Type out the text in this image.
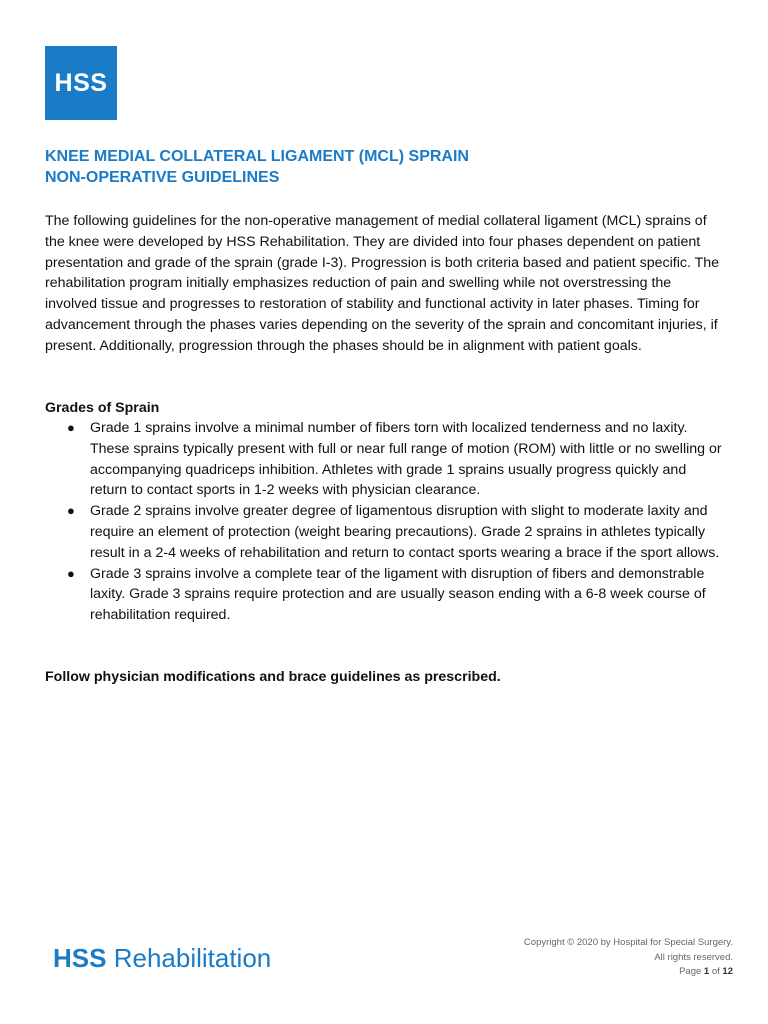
HSS
KNEE MEDIAL COLLATERAL LIGAMENT (MCL) SPRAIN
NON-OPERATIVE GUIDELINES

The following guidelines for the non-operative management of medial collateral ligament (MCL) sprains of the knee were developed by HSS Rehabilitation. They are divided into four phases dependent on patient presentation and grade of the sprain (grade I-3). Progression is both criteria based and patient specific. The rehabilitation program initially emphasizes reduction of pain and swelling while not overstressing the involved tissue and progresses to restoration of stability and functional activity in later phases. Timing for advancement through the phases varies depending on the severity of the sprain and concomitant injuries, if present. Additionally, progression through the phases should be in alignment with patient goals.

Grades of Sprain

● Grade 1 sprains involve a minimal number of fibers torn with localized tenderness and no laxity. These sprains typically present with full or near full range of motion (ROM) with little or no swelling or accompanying quadriceps inhibition. Athletes with grade 1 sprains usually progress quickly and return to contact sports in 1-2 weeks with physician clearance.
● Grade 2 sprains involve greater degree of ligamentous disruption with slight to moderate laxity and require an element of protection (weight bearing precautions). Grade 2 sprains in athletes typically result in a 2-4 weeks of rehabilitation and return to contact sports wearing a brace if the sport allows.
● Grade 3 sprains involve a complete tear of the ligament with disruption of fibers and demonstrable laxity. Grade 3 sprains require protection and are usually season ending with a 6-8 week course of rehabilitation required.

Follow physician modifications and brace guidelines as prescribed.

HSS Rehabilitation
Copyright © 2020 by Hospital for Special Surgery.
All rights reserved.
Page 1 of 12
